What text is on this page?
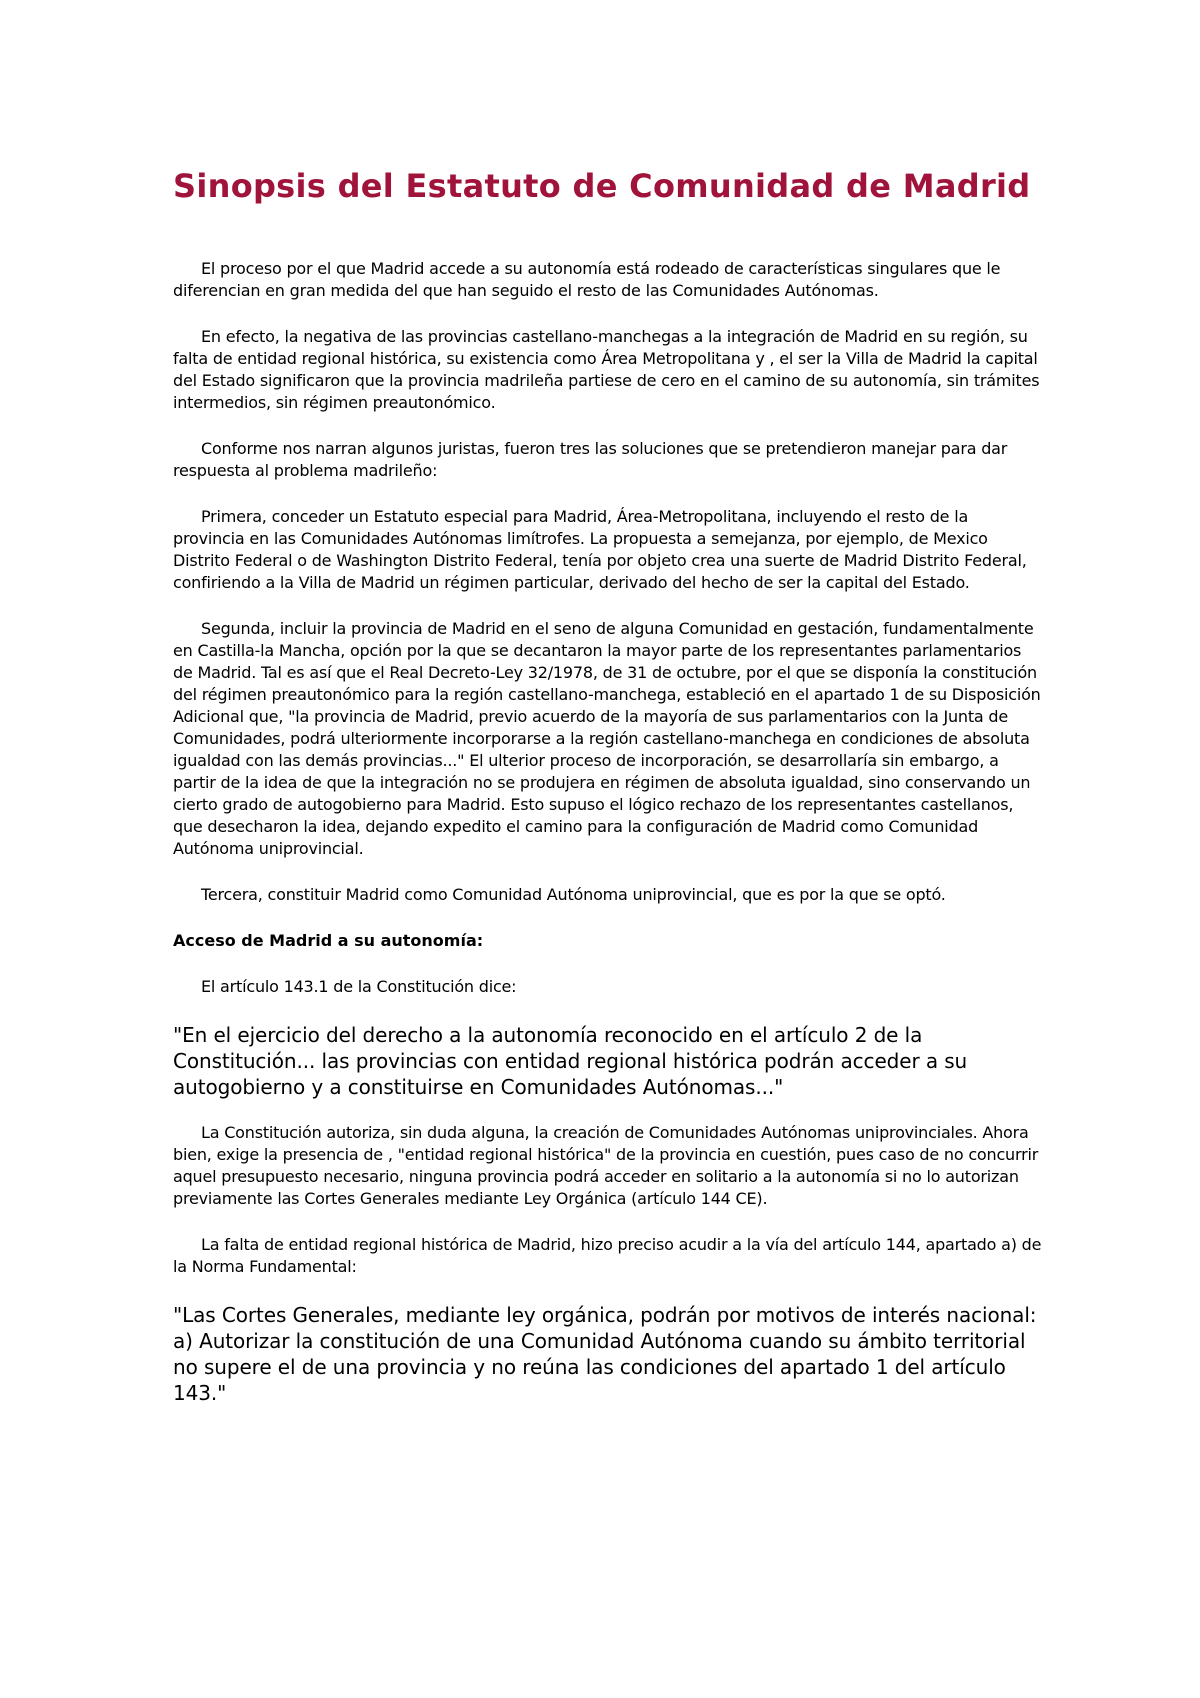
Sinopsis del Estatuto de Comunidad de Madrid

El proceso por el que Madrid accede a su autonomía está rodeado de características singulares que le diferencian en gran medida del que han seguido el resto de las Comunidades Autónomas.

En efecto, la negativa de las provincias castellano-manchegas a la integración de Madrid en su región, su falta de entidad regional histórica, su existencia como Área Metropolitana y , el ser la Villa de Madrid la capital del Estado significaron que la provincia madrileña partiese de cero en el camino de su autonomía, sin trámites intermedios, sin régimen preautonómico.

Conforme nos narran algunos juristas, fueron tres las soluciones que se pretendieron manejar para dar respuesta al problema madrileño:

Primera, conceder un Estatuto especial para Madrid, Área-Metropolitana, incluyendo el resto de la provincia en las Comunidades Autónomas limítrofes. La propuesta a semejanza, por ejemplo, de Mexico Distrito Federal o de Washington Distrito Federal, tenía por objeto crea una suerte de Madrid Distrito Federal, confiriendo a la Villa de Madrid un régimen particular, derivado del hecho de ser la capital del Estado.

Segunda, incluir la provincia de Madrid en el seno de alguna Comunidad en gestación, fundamentalmente en Castilla-la Mancha, opción por la que se decantaron la mayor parte de los representantes parlamentarios de Madrid. Tal es así que el Real Decreto-Ley 32/1978, de 31 de octubre, por el que se disponía la constitución del régimen preautonómico para la región castellano-manchega, estableció en el apartado 1 de su Disposición Adicional que, "la provincia de Madrid, previo acuerdo de la mayoría de sus parlamentarios con la Junta de Comunidades, podrá ulteriormente incorporarse a la región castellano-manchega en condiciones de absoluta igualdad con las demás provincias..." El ulterior proceso de incorporación, se desarrollaría sin embargo, a partir de la idea de que la integración no se produjera en régimen de absoluta igualdad, sino conservando un cierto grado de autogobierno para Madrid. Esto supuso el lógico rechazo de los representantes castellanos, que desecharon la idea, dejando expedito el camino para la configuración de Madrid como Comunidad Autónoma uniprovincial.

Tercera, constituir Madrid como Comunidad Autónoma uniprovincial, que es por la que se optó.

Acceso de Madrid a su autonomía:

El artículo 143.1 de la Constitución dice:

"En el ejercicio del derecho a la autonomía reconocido en el artículo 2 de la Constitución... las provincias con entidad regional histórica podrán acceder a su autogobierno y a constituirse en Comunidades Autónomas..."

La Constitución autoriza, sin duda alguna, la creación de Comunidades Autónomas uniprovinciales. Ahora bien, exige la presencia de , "entidad regional histórica" de la provincia en cuestión, pues caso de no concurrir aquel presupuesto necesario, ninguna provincia podrá acceder en solitario a la autonomía si no lo autorizan previamente las Cortes Generales mediante Ley Orgánica (artículo 144 CE).

La falta de entidad regional histórica de Madrid, hizo preciso acudir a la vía del artículo 144, apartado a) de la Norma Fundamental:

"Las Cortes Generales, mediante ley orgánica, podrán por motivos de interés nacional: a) Autorizar la constitución de una Comunidad Autónoma cuando su ámbito territorial no supere el de una provincia y no reúna las condiciones del apartado 1 del artículo 143."
